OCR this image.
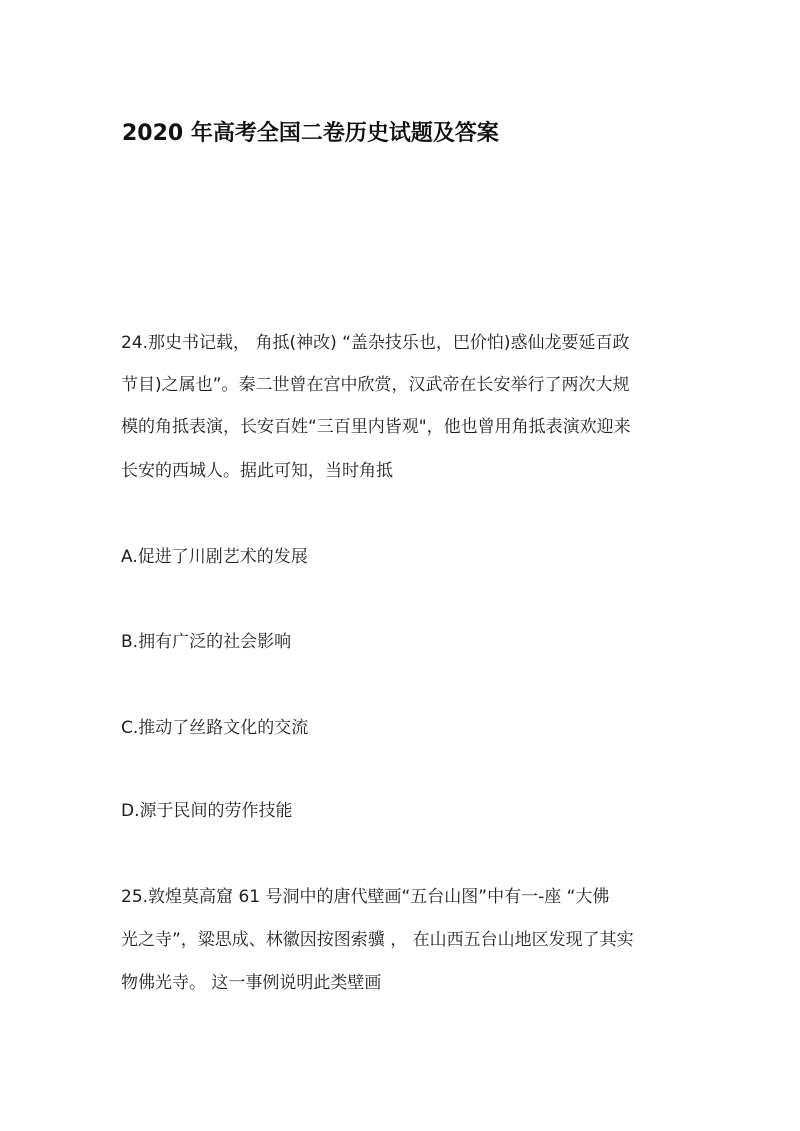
2020 年高考全国二卷历史试题及答案
24.那史书记载， 角抵(神改) “盖杂技乐也，巴价怕)惑仙龙要延百政
节目)之属也”。秦二世曾在宫中欣赏，汉武帝在长安举行了两次大规
模的角抵表演，长安百姓“三百里内皆观"，他也曾用角抵表演欢迎来
长安的西城人。据此可知，当时角抵
A.促进了川剧艺术的发展
B.拥有广泛的社会影响
C.推动了丝路文化的交流
D.源于民间的劳作技能
25.敦煌莫高窟 61 号洞中的唐代壁画“五台山图”中有一-座 “大佛
光之寺”，粱思成、林徽因按图索骥 ， 在山西五台山地区发现了其实
物佛光寺。 这一事例说明此类壁画
